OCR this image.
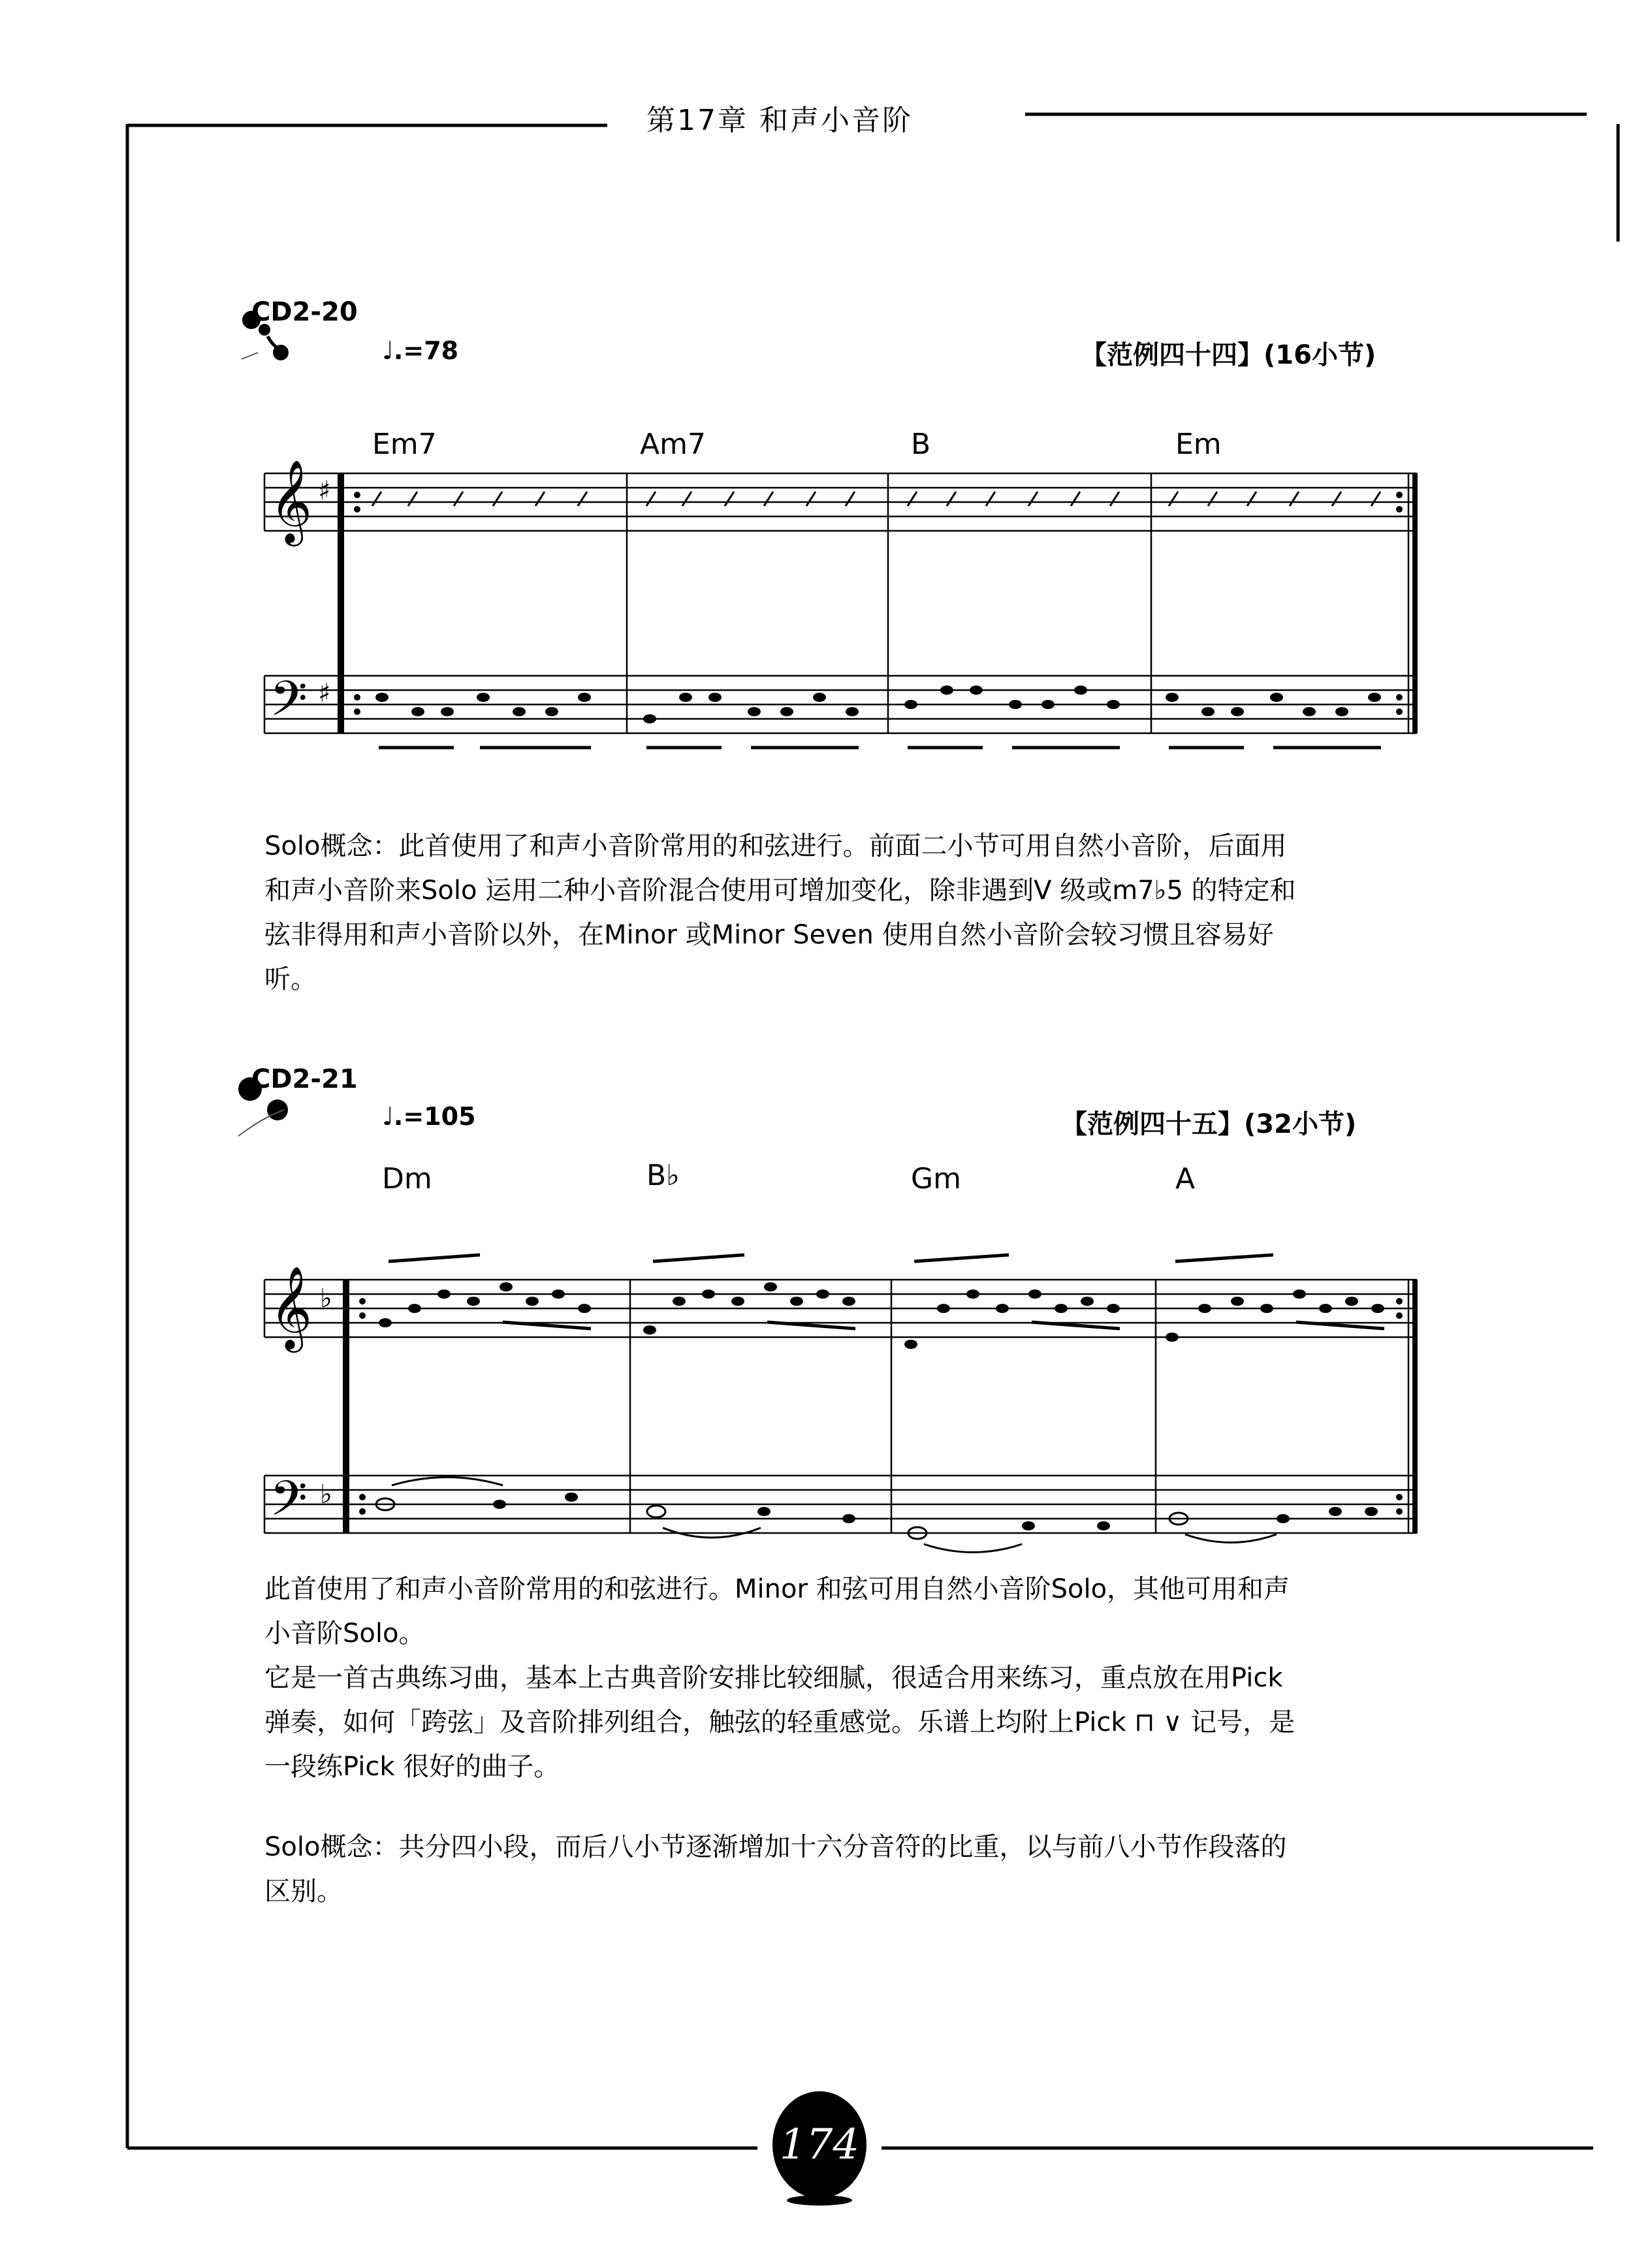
第17章 和声小音阶
CD2-20
♩.=78	【范例四十四】(16小节)
Em7	Am7	B	Em
𝄞
𝄢
♯
♯
Solo概念：此首使用了和声小音阶常用的和弦进行。前面二小节可用自然小音阶，后面用
和声小音阶来Solo 运用二种小音阶混合使用可增加变化，除非遇到V 级或m7♭5 的特定和
弦非得用和声小音阶以外，在Minor 或Minor Seven 使用自然小音阶会较习惯且容易好
听。
CD2-21
♩.=105	【范例四十五】(32小节)
Dm	B♭	Gm	A
𝄞
𝄢
♭
♭
此首使用了和声小音阶常用的和弦进行。Minor 和弦可用自然小音阶Solo，其他可用和声
小音阶Solo。
它是一首古典练习曲，基本上古典音阶安排比较细腻，很适合用来练习，重点放在用Pick
弹奏，如何「跨弦」及音阶排列组合，触弦的轻重感觉。乐谱上均附上Pick ⊓ ∨ 记号，是
一段练Pick 很好的曲子。
Solo概念：共分四小段，而后八小节逐渐增加十六分音符的比重，以与前八小节作段落的
区别。
174
